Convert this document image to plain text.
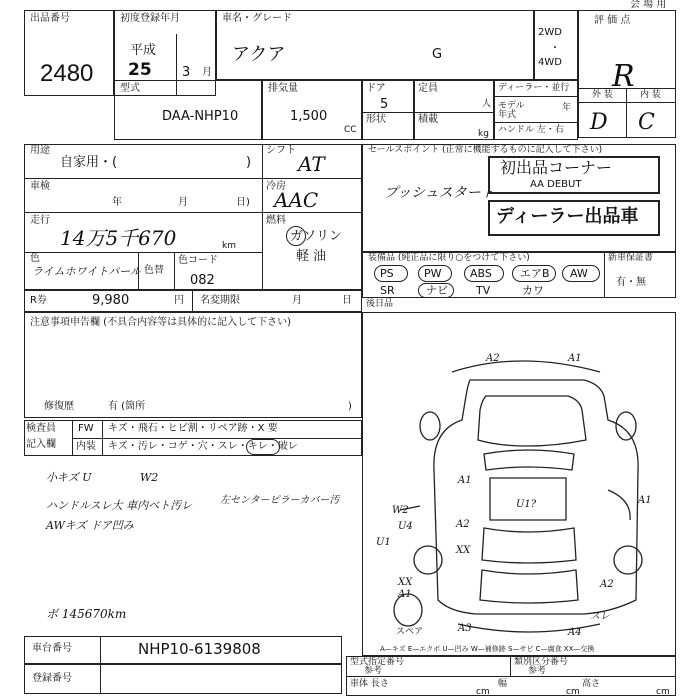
出品番号
2480
初度登録年月
平成
25 3 月
車名・グレード
アクア	G
2WD
・
4WD
会 場 用
評 価 点
R
外 装	内 装
D C
型式
DAA-NHP10
排気量
1,500
CC
ドア
5
形状
定員
人
積載
kg
ディーラー・並行
モデル 年式
年
ハンドル 左・右
用途
自家用・(	)
シフト
AT
車検
年	月	日)
冷房
AAC
走行
14万5千670	km
燃料
ガソリン
軽 油
色
ライムホワイトパール 色替
色コード
082
セールスポイント (正常に機能するものに記入して下さい)
プッシュスタート
初出品コーナー
AA DEBUT
ディーラー出品車
装備品 (純正品に限り○をつけて下さい)	新車保証書
有・無
PS	PW	ABS	エアB AW
SR	ナビ	TV	カワ
R券	9,980	円 名変期限	月	日 後日品
注意事項申告欄 (不具合内容等は具体的に記入して下さい)
修復歴	有 (箇所	)
検査員
記入欄
FW キズ・飛石・ヒビ割・リペア跡・X 要
内装 キズ・汚レ・コゲ・穴・スレ・キレ・破レ
小キズ U	W2
ハンドルスレ大 車内ベト汚レ	左センターピラーカバー汚
AWキズ ドア凹み
ボ 145670km
A2	A1
A1
A1
A2
U1
W2
U4
XX
XX
A1
A2
A3
U1?
スレ
A4
スペア
A—キズ E—エクボ U—凹み W—補修跡 S—サビ C—腐食 XX—交換
車台番号	NHP10-6139808
登録番号
型式指定番号
参考
類別区分番号
参考
車体 長さ
cm
幅
cm
高さ
cm
